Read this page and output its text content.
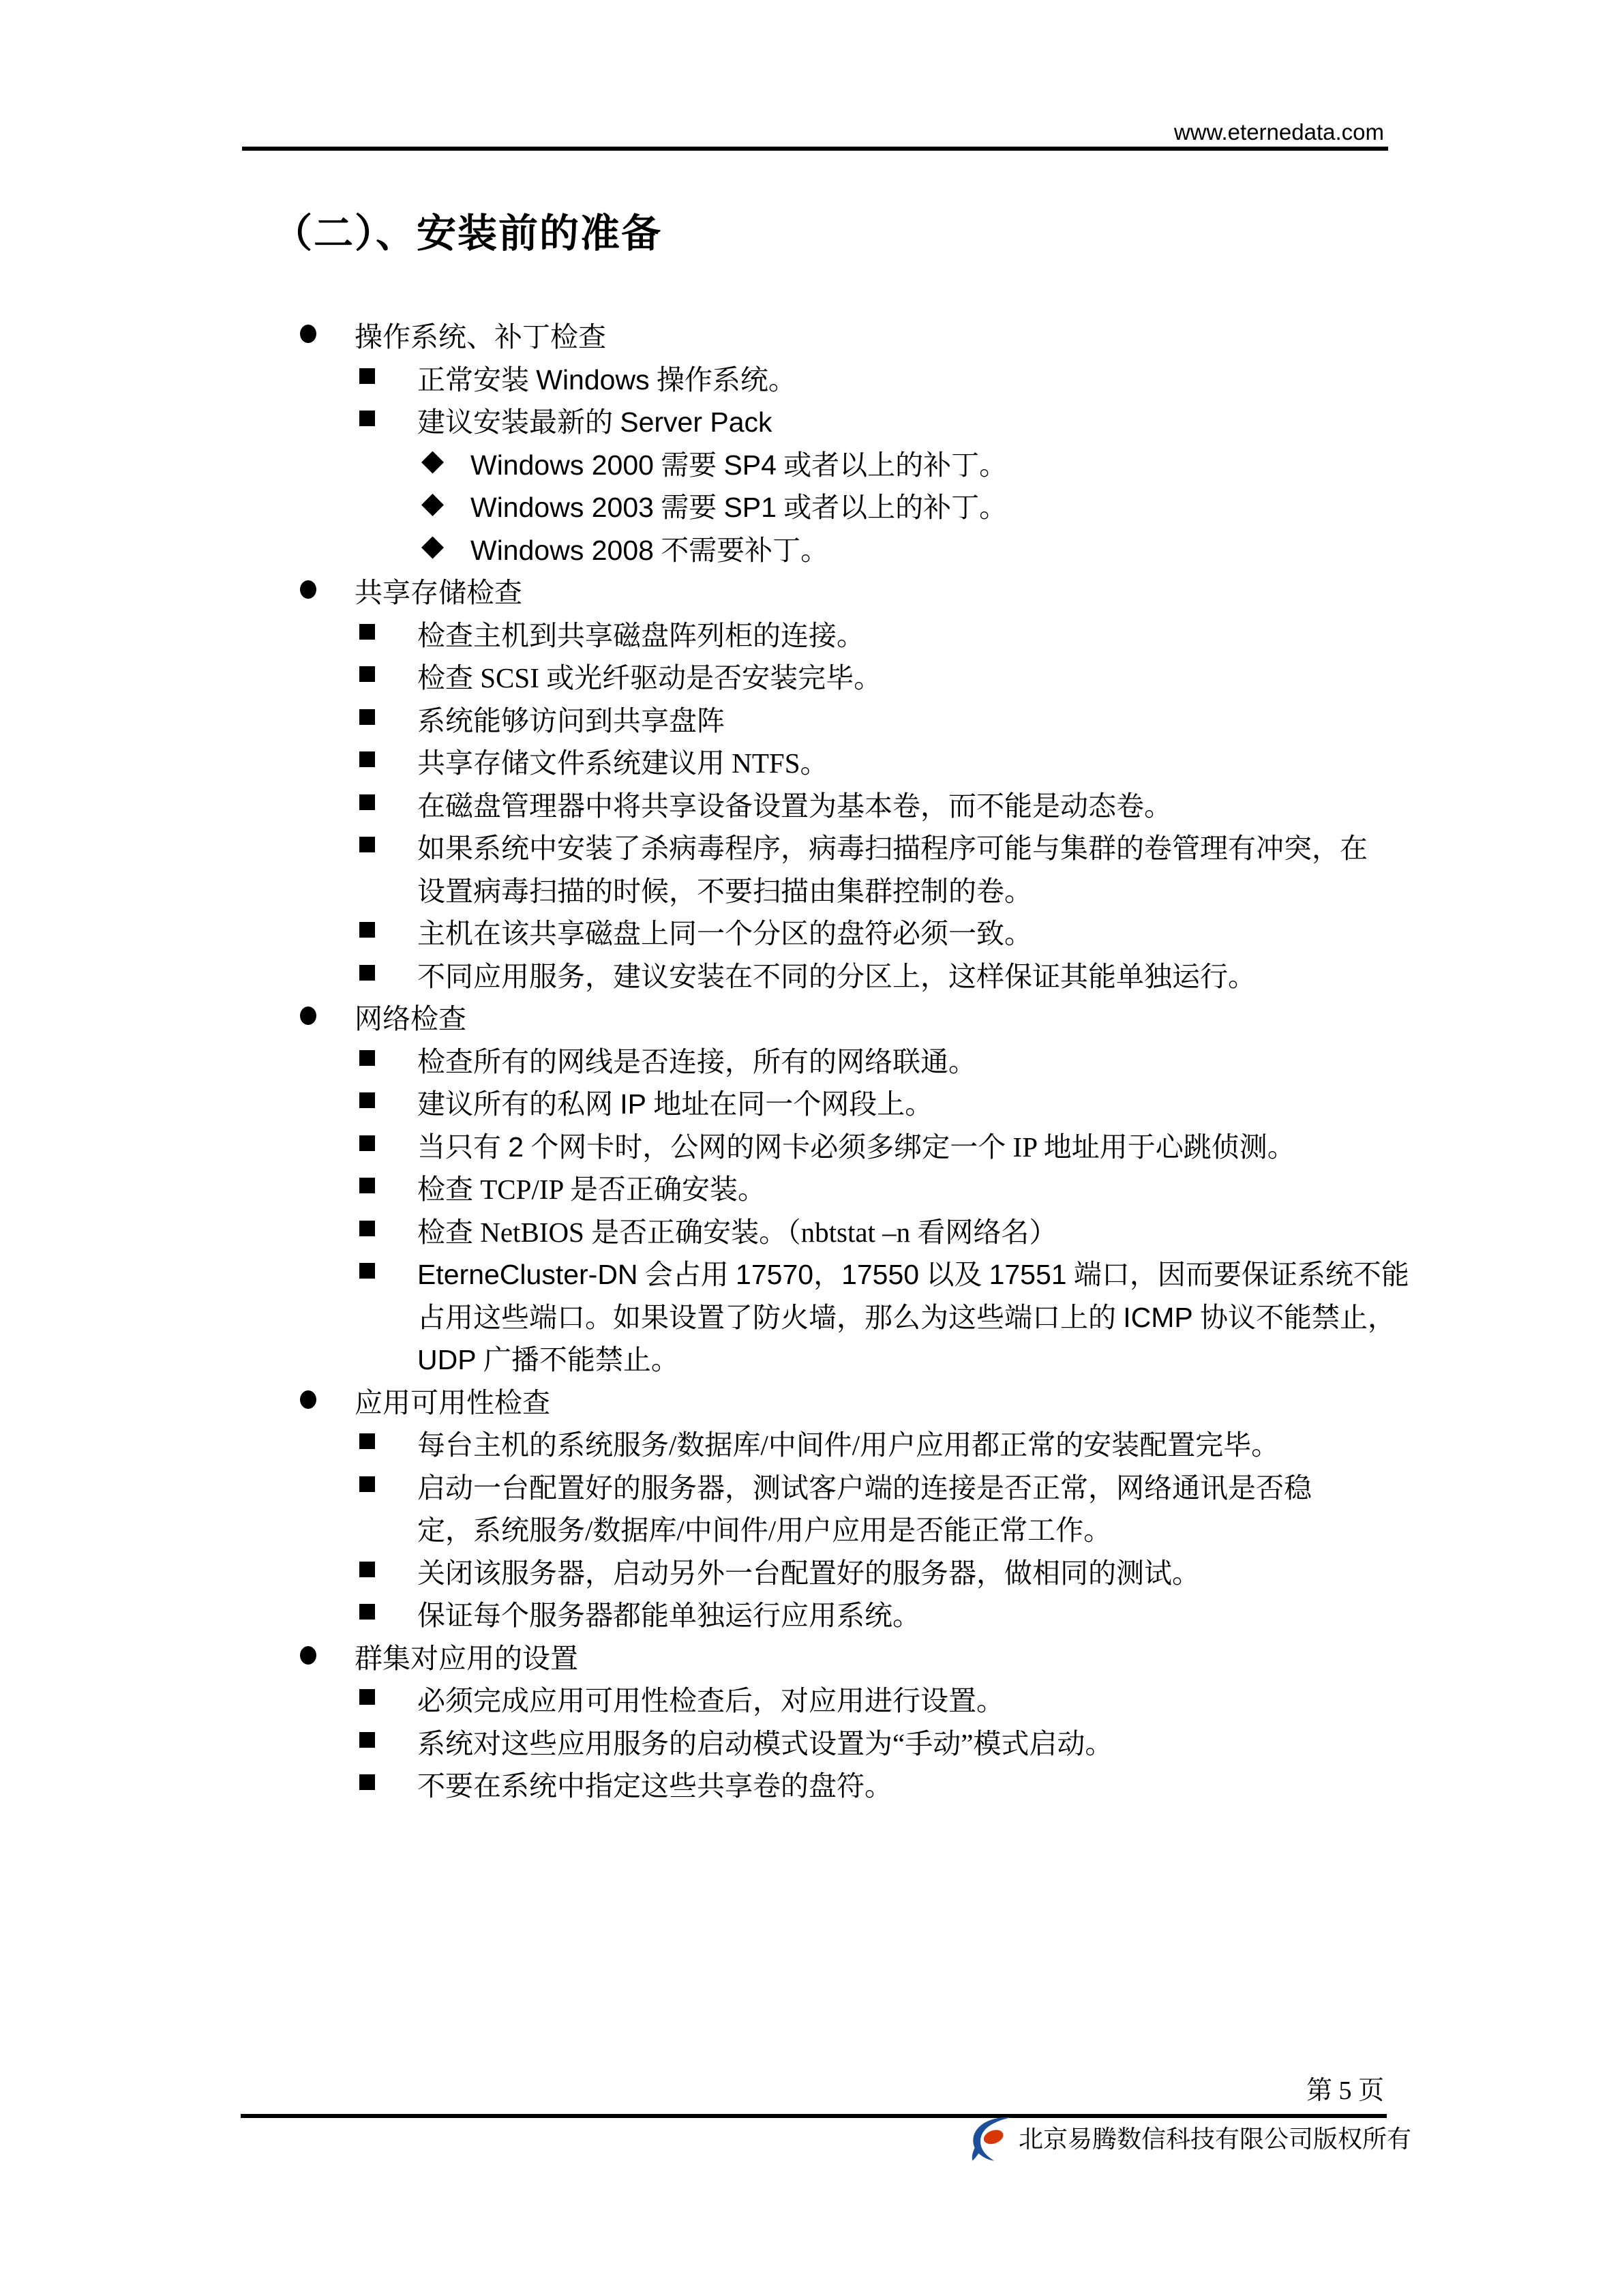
www.eternedata.com
（二）、安装前的准备
操作系统、补丁检查
正常安装 Windows 操作系统。
建议安装最新的 Server Pack
Windows 2000 需要 SP4 或者以上的补丁。
Windows 2003 需要 SP1 或者以上的补丁。
Windows 2008 不需要补丁。
共享存储检查
检查主机到共享磁盘阵列柜的连接。
检查 SCSI 或光纤驱动是否安装完毕。
系统能够访问到共享盘阵
共享存储文件系统建议用 NTFS。
在磁盘管理器中将共享设备设置为基本卷，而不能是动态卷。
如果系统中安装了杀病毒程序，病毒扫描程序可能与集群的卷管理有冲突，在
设置病毒扫描的时候，不要扫描由集群控制的卷。
主机在该共享磁盘上同一个分区的盘符必须一致。
不同应用服务，建议安装在不同的分区上，这样保证其能单独运行。
网络检查
检查所有的网线是否连接，所有的网络联通。
建议所有的私网 IP 地址在同一个网段上。
当只有 2 个网卡时，公网的网卡必须多绑定一个 IP 地址用于心跳侦测。
检查 TCP/IP 是否正确安装。
检查 NetBIOS 是否正确安装。（nbtstat –n 看网络名）
EterneCluster-DN 会占用 17570，17550 以及 17551 端口，因而要保证系统不能
占用这些端口。如果设置了防火墙，那么为这些端口上的 ICMP 协议不能禁止，
UDP 广播不能禁止。
应用可用性检查
每台主机的系统服务/数据库/中间件/用户应用都正常的安装配置完毕。
启动一台配置好的服务器，测试客户端的连接是否正常，网络通讯是否稳
定，系统服务/数据库/中间件/用户应用是否能正常工作。
关闭该服务器，启动另外一台配置好的服务器，做相同的测试。
保证每个服务器都能单独运行应用系统。
群集对应用的设置
必须完成应用可用性检查后，对应用进行设置。
系统对这些应用服务的启动模式设置为“手动”模式启动。
不要在系统中指定这些共享卷的盘符。
第 5 页
北京易腾数信科技有限公司版权所有
